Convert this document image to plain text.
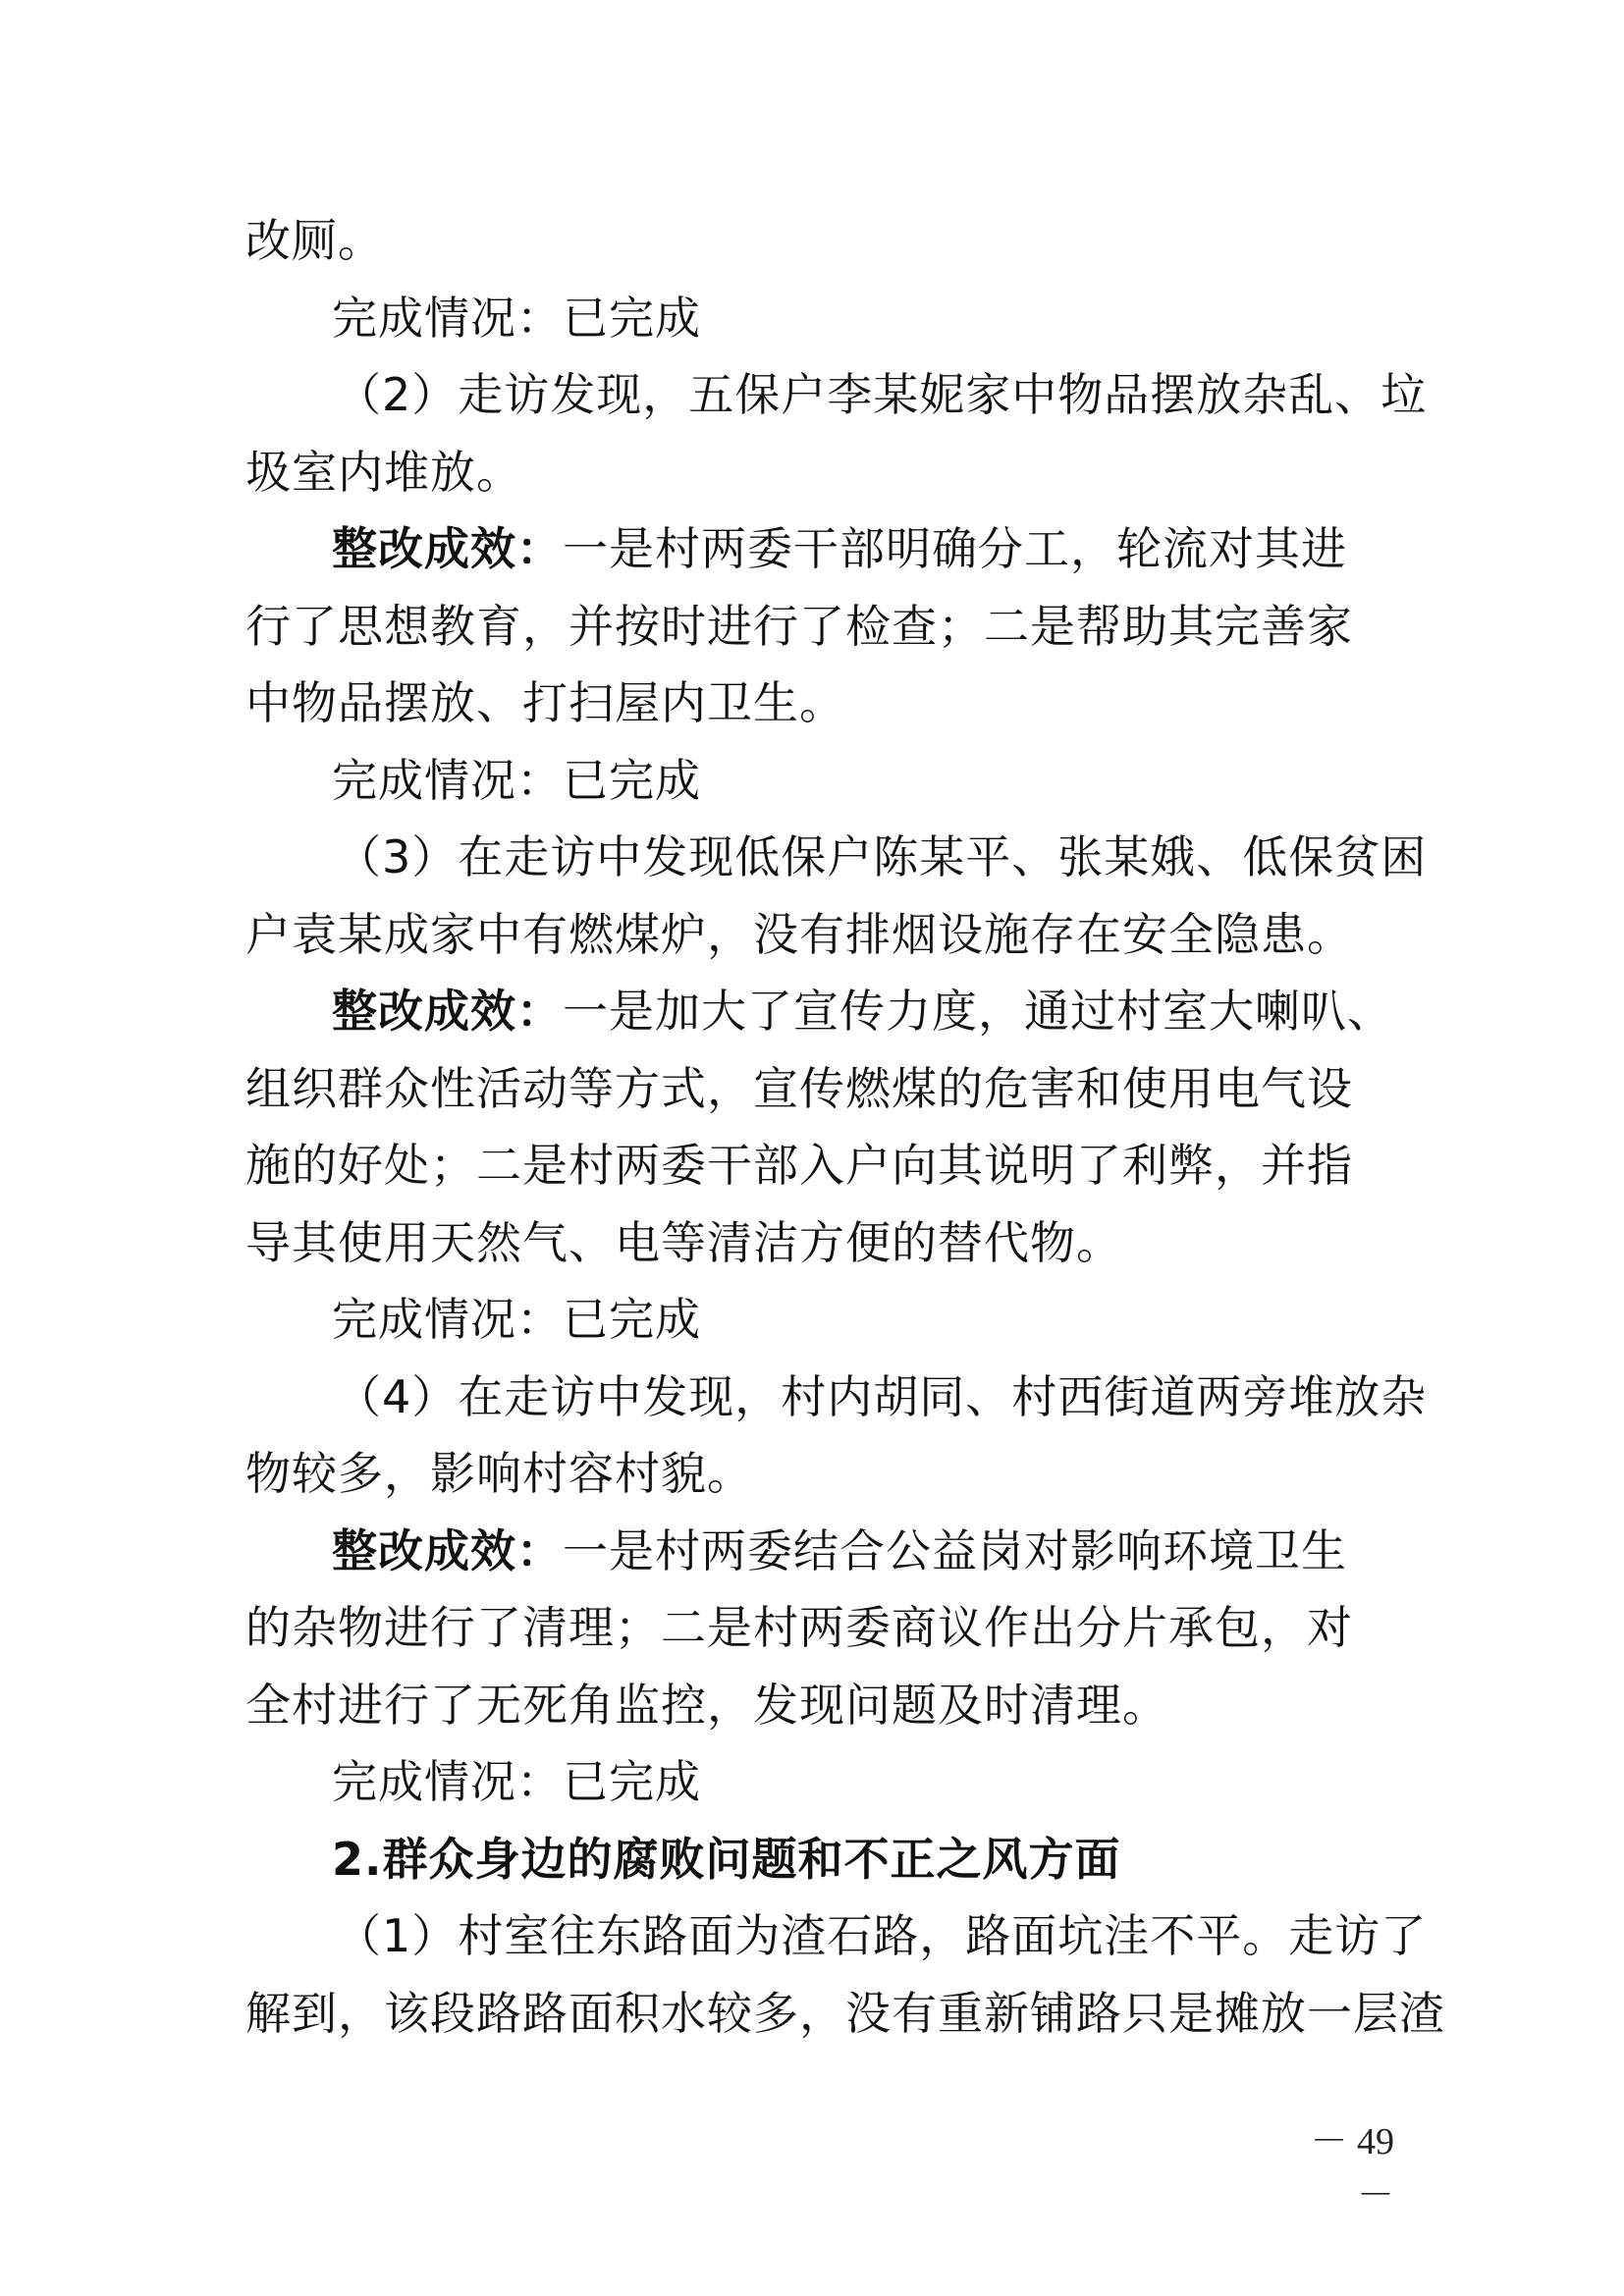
改厕。
完成情况：已完成
（2）走访发现，五保户李某妮家中物品摆放杂乱、垃
圾室内堆放。
整改成效：一是村两委干部明确分工，轮流对其进
行了思想教育，并按时进行了检查；二是帮助其完善家
中物品摆放、打扫屋内卫生。
完成情况：已完成
（3）在走访中发现低保户陈某平、张某娥、低保贫困
户袁某成家中有燃煤炉，没有排烟设施存在安全隐患。
整改成效：一是加大了宣传力度，通过村室大喇叭、
组织群众性活动等方式，宣传燃煤的危害和使用电气设
施的好处；二是村两委干部入户向其说明了利弊，并指
导其使用天然气、电等清洁方便的替代物。
完成情况：已完成
（4）在走访中发现，村内胡同、村西街道两旁堆放杂
物较多，影响村容村貌。
整改成效：一是村两委结合公益岗对影响环境卫生
的杂物进行了清理；二是村两委商议作出分片承包，对
全村进行了无死角监控，发现问题及时清理。
完成情况：已完成
2.群众身边的腐败问题和不正之风方面
（1）村室往东路面为渣石路，路面坑洼不平。走访了
解到，该段路路面积水较多，没有重新铺路只是摊放一层渣
－ 49 －
